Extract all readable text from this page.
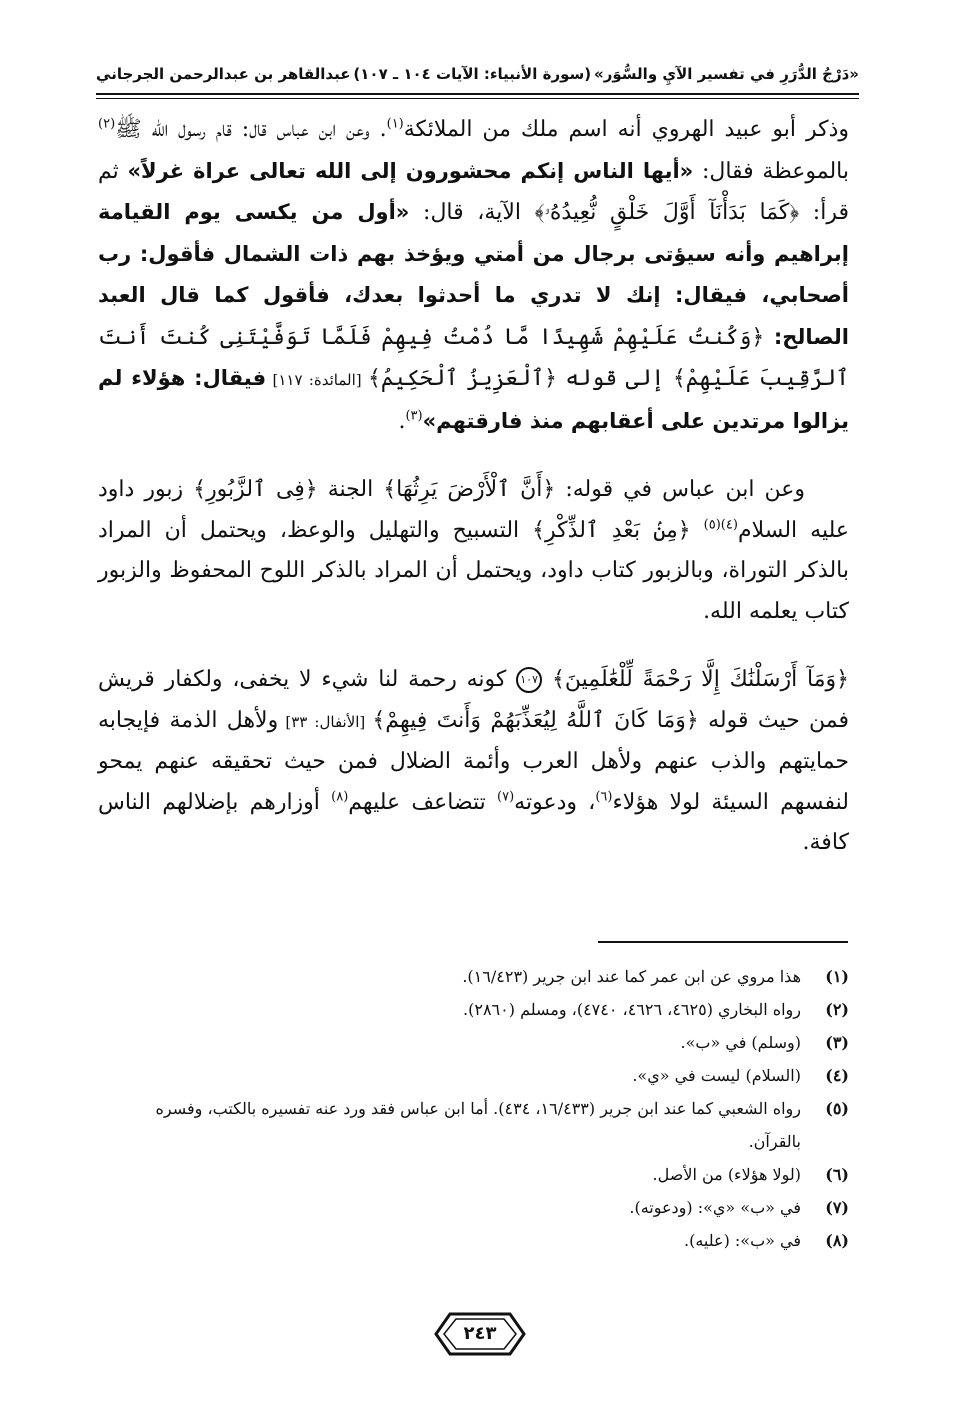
«دَرْجُ الدُّرَرِ في تفسير الآيِ والسُّوَر»
(سورة الأنبياء: الآيات ١٠٤ ـ ١٠٧)
عبدالقاهر بن عبدالرحمن الجرجاني

وذكر أبو عبيد الهروي أنه اسم ملك من الملائكة$^{(١)}$. وعن ابن عباس قال: قام رسول الله ﷺ$^{(٢)}$ بالموعظة فقال: «أيها الناس إنكم محشورون إلى الله تعالى عراة غرلاً» ثم قرأ: ﴿كَمَا بَدَأْنَآ أَوَّلَ خَلْقٍ نُّعِيدُهُۥ﴾ الآية، قال: «أول من يكسى يوم القيامة إبراهيم وأنه سيؤتى برجال من أمتي ويؤخذ بهم ذات الشمال فأقول: رب أصحابي، فيقال: إنك لا تدري ما أحدثوا بعدك، فأقول كما قال العبد الصالح: ﴿وَكُنتُ عَلَيْهِمْ شَهِيدًا مَّا دُمْتُ فِيهِمْ فَلَمَّا تَوَفَّيْتَنِى كُنتَ أَنتَ ٱلرَّقِيبَ عَلَيْهِمْ﴾ إلى قوله ﴿ٱلْعَزِيزُ ٱلْحَكِيمُ﴾ [المائدة: ١١٧] فيقال: هؤلاء لم يزالوا مرتدين على أعقابهم منذ فارقتهم»$^{(٣)}$.

وعن ابن عباس في قوله: ﴿أَنَّ ٱلْأَرْضَ يَرِثُهَا﴾ الجنة ﴿فِى ٱلزَّبُورِ﴾ زبور داود عليه السلام$^{(٤)(٥)}$ ﴿مِنۢ بَعْدِ ٱلذِّكْرِ﴾ التسبيح والتهليل والوعظ، ويحتمل أن المراد بالذكر التوراة، وبالزبور كتاب داود، ويحتمل أن المراد بالذكر اللوح المحفوظ والزبور كتاب يعلمه الله.

﴿وَمَآ أَرْسَلْنَٰكَ إِلَّا رَحْمَةً لِّلْعَٰلَمِينَ﴾ ١٠٧ كونه رحمة لنا شيء لا يخفى، ولكفار قريش فمن حيث قوله ﴿وَمَا كَانَ ٱللَّهُ لِيُعَذِّبَهُمْ وَأَنتَ فِيهِمْ﴾ [الأنفال: ٣٣] ولأهل الذمة فإيجابه حمايتهم والذب عنهم ولأهل العرب وأئمة الضلال فمن حيث تحقيقه عنهم يمحو لنفسهم السيئة لولا هؤلاء$^{(٦)}$، ودعوته$^{(٧)}$ تتضاعف عليهم$^{(٨)}$ أوزارهم بإضلالهم الناس كافة.

(١)
هذا مروي عن ابن عمر كما عند ابن جرير (١٦/٤٢٣).
(٢)
رواه البخاري (٤٦٢٥، ٤٦٢٦، ٤٧٤٠)، ومسلم (٢٨٦٠).
(٣)
(وسلم) في «ب».
(٤)
(السلام) ليست في «ي».
(٥)
رواه الشعبي كما عند ابن جرير (١٦/٤٣٣، ٤٣٤). أما ابن عباس فقد ورد عنه تفسيره بالكتب، وفسره بالقرآن.
(٦)
(لولا هؤلاء) من الأصل.
(٧)
في «ب» «ي»: (ودعوته).
(٨)
في «ب»: (عليه).
٢٤٣
